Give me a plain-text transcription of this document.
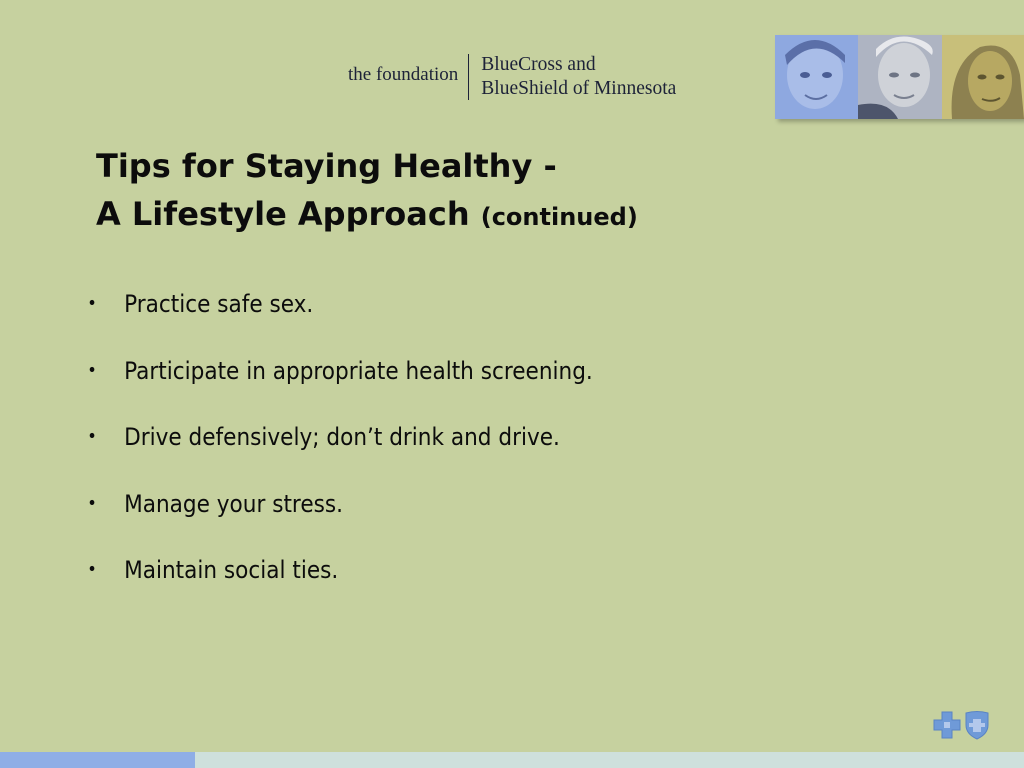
the foundation	BlueCross and
BlueShield of Minnesota
Tips for Staying Healthy -
A Lifestyle Approach (continued)
•	Practice safe sex.
•	Participate in appropriate health screening.
•	Drive defensively; don’t drink and drive.
•	Manage your stress.
•	Maintain social ties.
